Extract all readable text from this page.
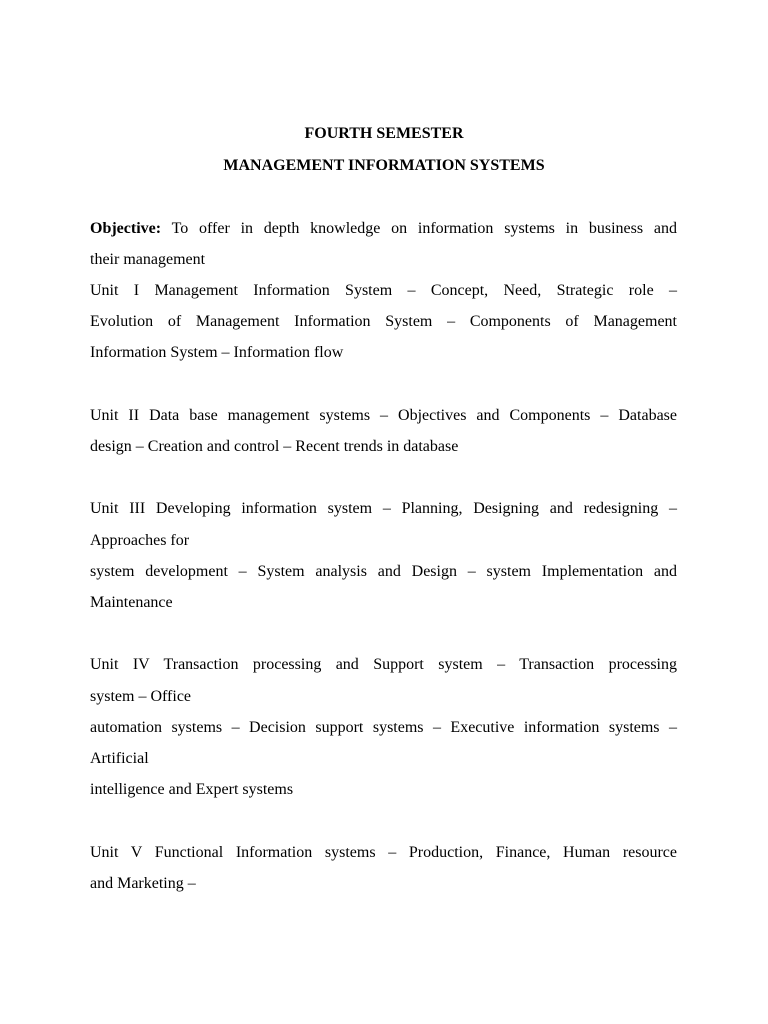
FOURTH SEMESTER
MANAGEMENT INFORMATION SYSTEMS
Objective: To offer in depth knowledge on information systems in business and
their management
Unit I Management Information System – Concept, Need, Strategic role –
Evolution of Management Information System – Components of Management
Information System – Information flow
Unit II Data base management systems – Objectives and Components – Database
design – Creation and control – Recent trends in database
Unit III Developing information system – Planning, Designing and redesigning –
Approaches for
system development – System analysis and Design – system Implementation and
Maintenance
Unit IV Transaction processing and Support system – Transaction processing
system – Office
automation systems – Decision support systems – Executive information systems –
Artificial
intelligence and Expert systems
Unit V Functional Information systems – Production, Finance, Human resource
and Marketing –
